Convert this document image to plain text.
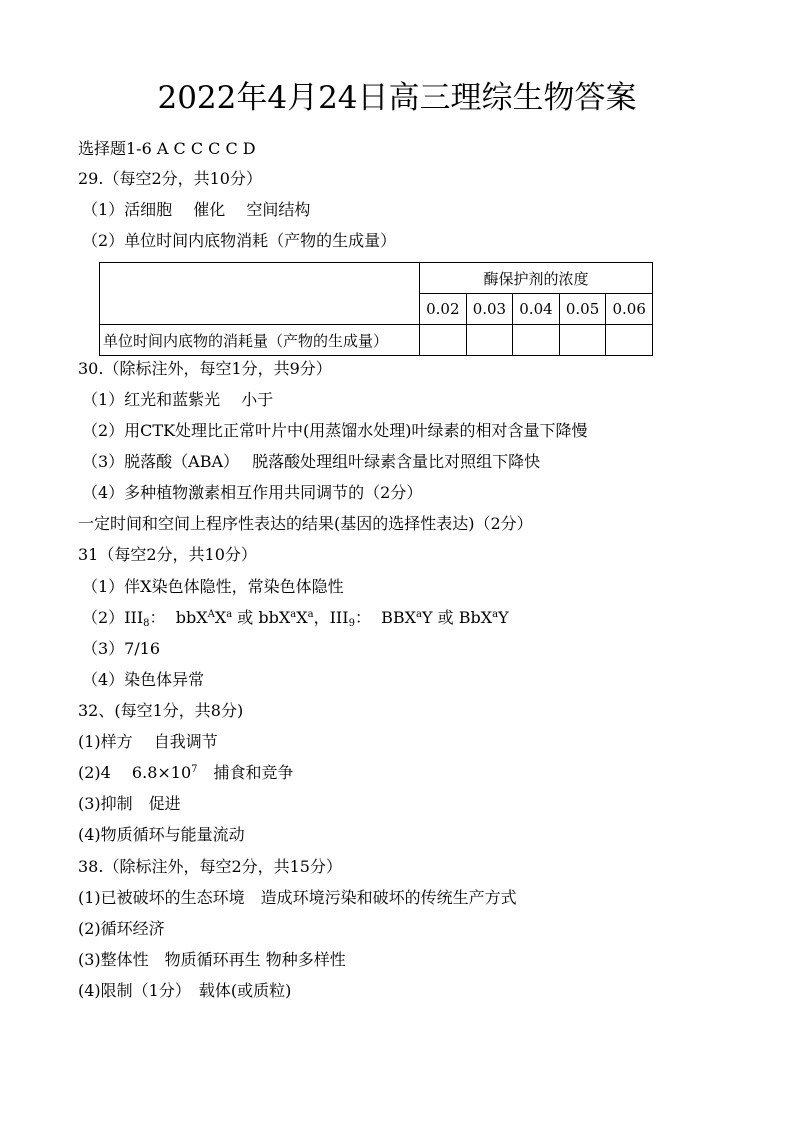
2022年4月24日高三理综生物答案
选择题1-6 A C C C C D
29.（每空2分，共10分）
（1）活细胞　 催化　 空间结构
（2）单位时间内底物消耗（产物的生成量）
	酶保护剂的浓度				
	0.02	0.03	0.04	0.05	0.06
单位时间内底物的消耗量（产物的生成量）					
30.（除标注外，每空1分，共9分）
（1）红光和蓝紫光　 小于
（2）用CTK处理比正常叶片中(用蒸馏水处理)叶绿素的相对含量下降慢
（3）脱落酸（ABA）　 脱落酸处理组叶绿素含量比对照组下降快
（4）多种植物激素相互作用共同调节的（2分）
一定时间和空间上程序性表达的结果(基因的选择性表达)（2分）
31（每空2分，共10分）
（1）伴X染色体隐性，常染色体隐性
$(2)III_8$： $bbX^AX^a$ 或 $bbX^aX^a$，$III_9$： BBX$^a$Y 或 BbX$^a$Y
（3）7/16
（4）染色体异常
32、(每空1分，共8分)
(1)样方　 自我调节
(2)4　 $6.8\times 10^7$　捕食和竞争
(3)抑制　促进
(4)物质循环与能量流动
38.（除标注外，每空2分，共15分）
(1)已被破坏的生态环境　造成环境污染和破坏的传统生产方式
(2)循环经济
(3)整体性　物质循环再生 物种多样性
(4)限制（1分）　载体(或质粒)
